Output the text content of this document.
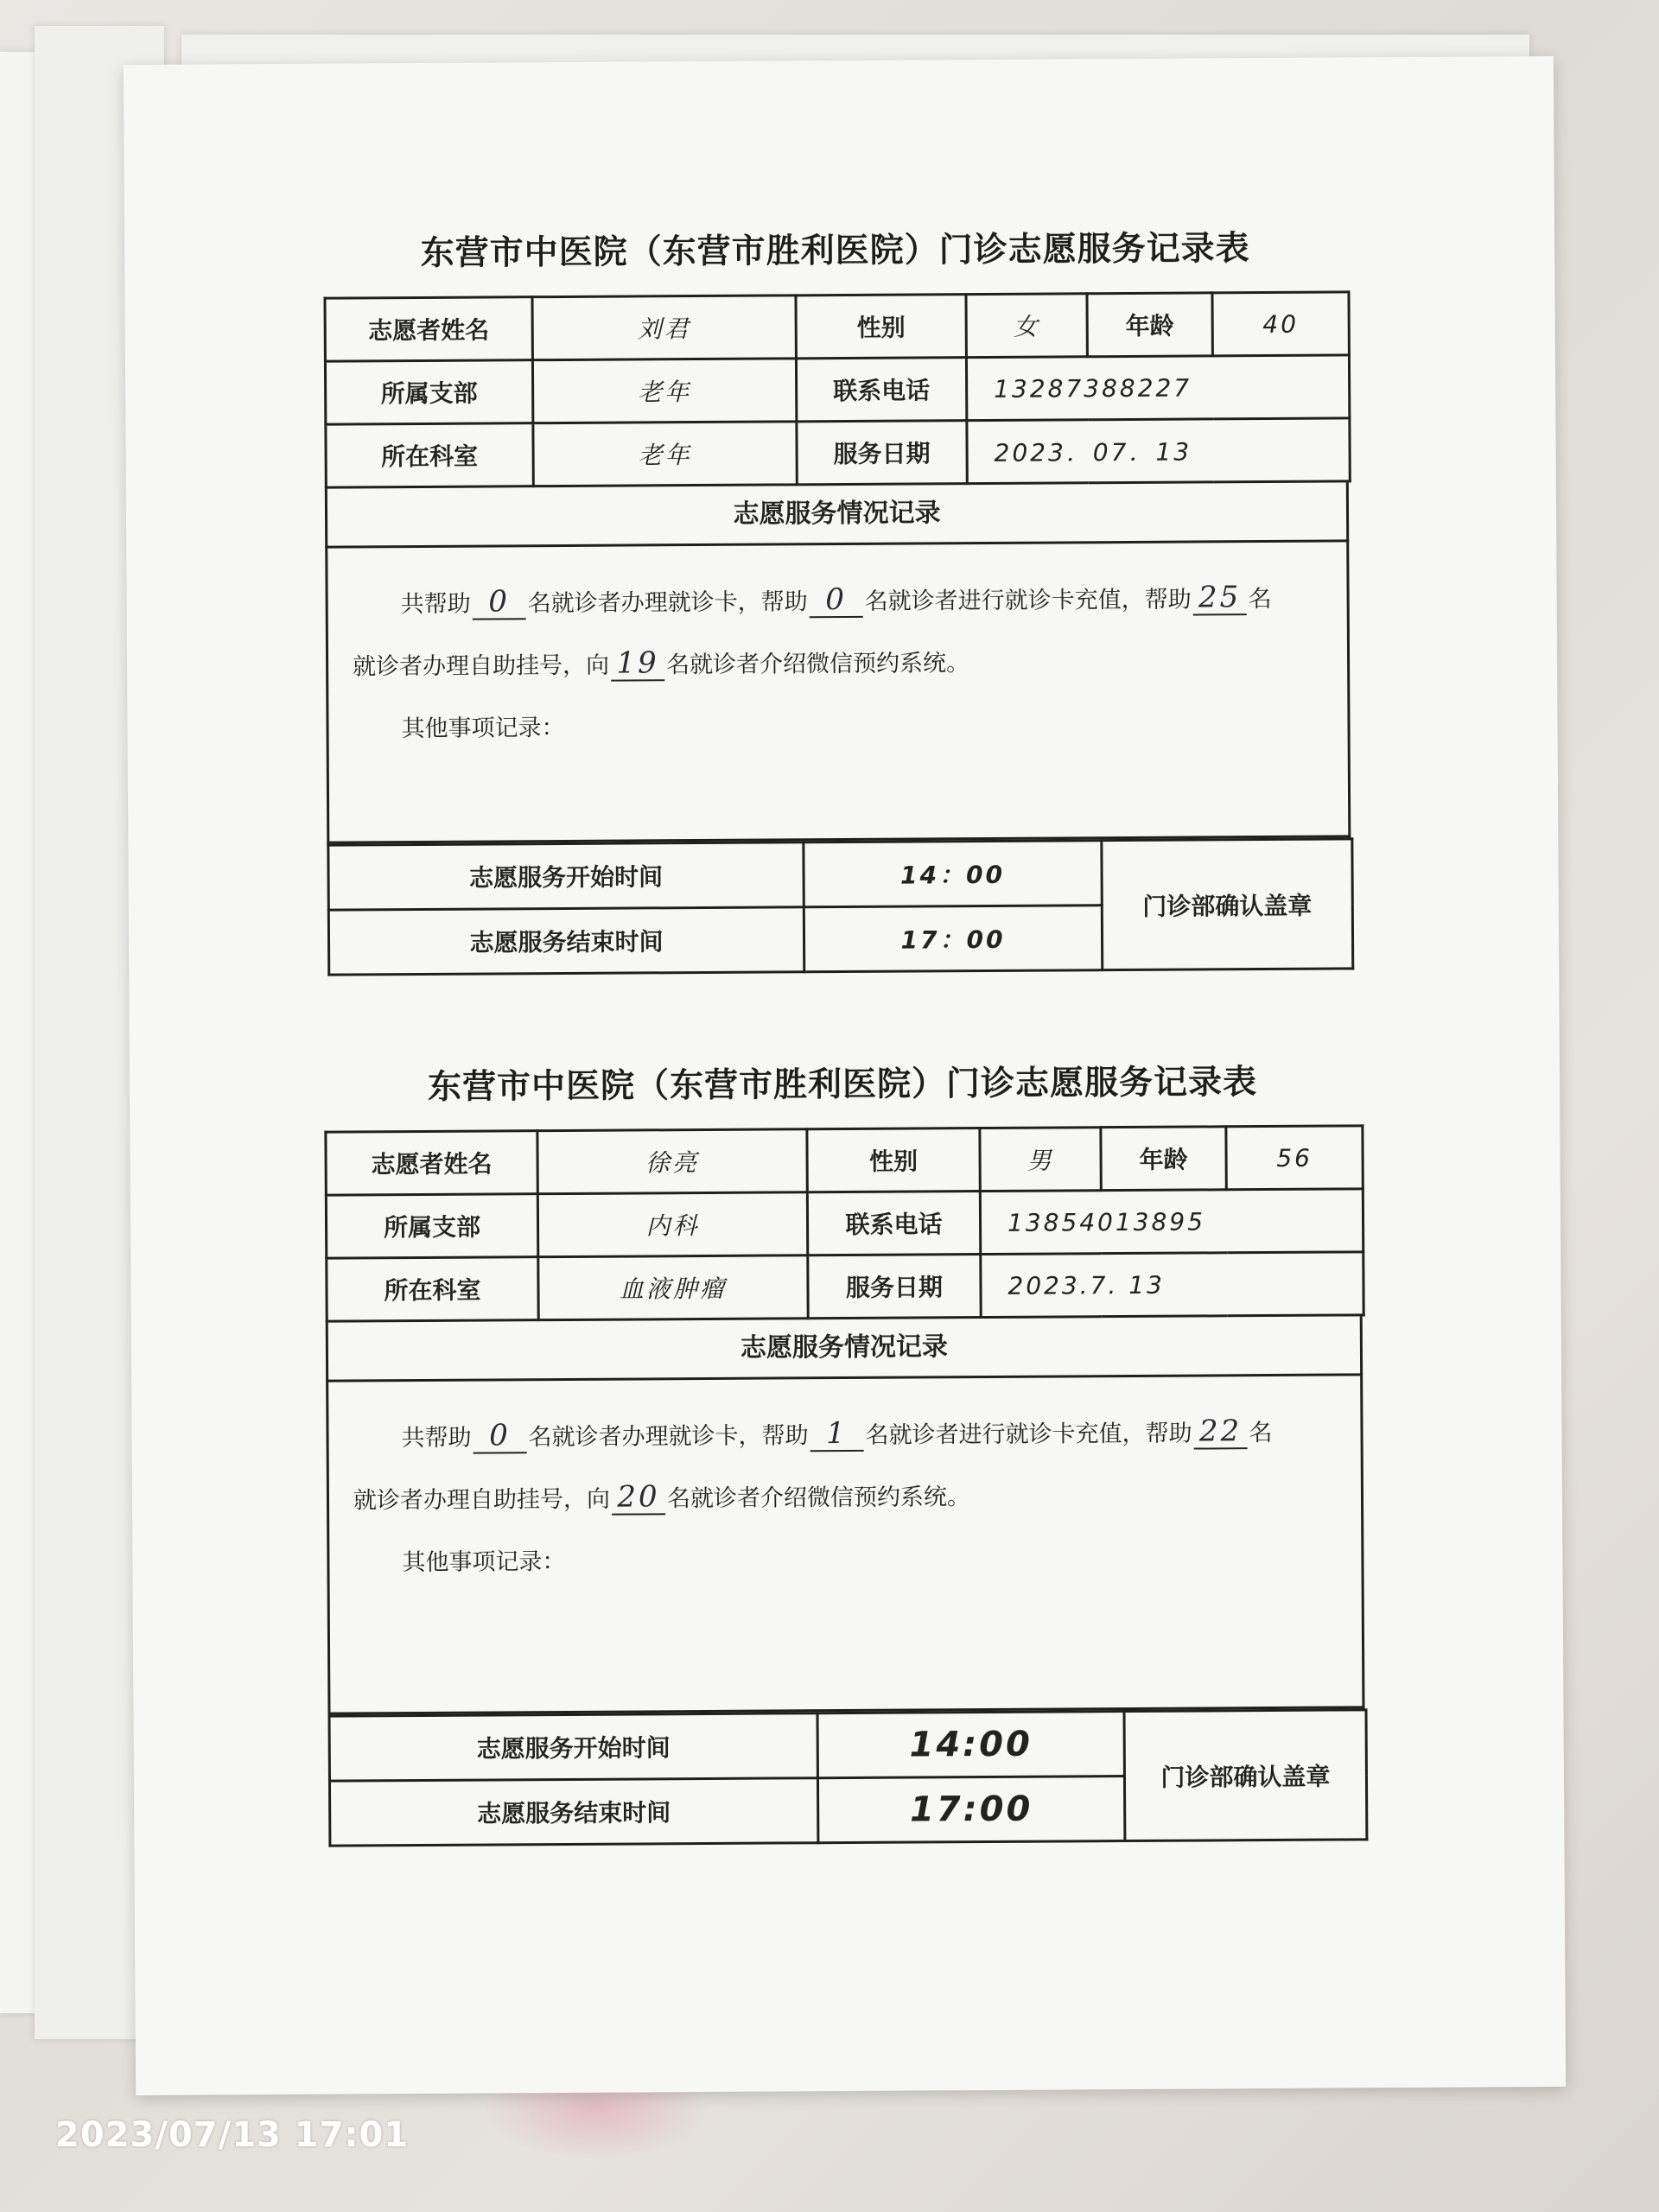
东营市中医院（东营市胜利医院）门诊志愿服务记录表
志愿者姓名	刘君	性别	女	年龄	40
所属支部	老年	联系电话	13287388227		
所在科室	老年	服务日期	2023．07．13		
志愿服务情况记录
共帮助 0 名就诊者办理就诊卡，帮助 0 名就诊者进行就诊卡充值，帮助 25 名
就诊者办理自助挂号，向 19 名就诊者介绍微信预约系统。
其他事项记录：
志愿服务开始时间	14：00	门诊部确认盖章
志愿服务结束时间	17：00	
东营市中医院（东营市胜利医院）门诊志愿服务记录表
志愿者姓名	徐亮	性别	男	年龄	56
所属支部	内科	联系电话	13854013895		
所在科室	血液肿瘤	服务日期	2023.7. 13		
志愿服务情况记录
共帮助 0 名就诊者办理就诊卡，帮助 1 名就诊者进行就诊卡充值，帮助 22 名
就诊者办理自助挂号，向 20 名就诊者介绍微信预约系统。
其他事项记录：
志愿服务开始时间	14:00	门诊部确认盖章
志愿服务结束时间	17:00	
2023/07/13 17:01
